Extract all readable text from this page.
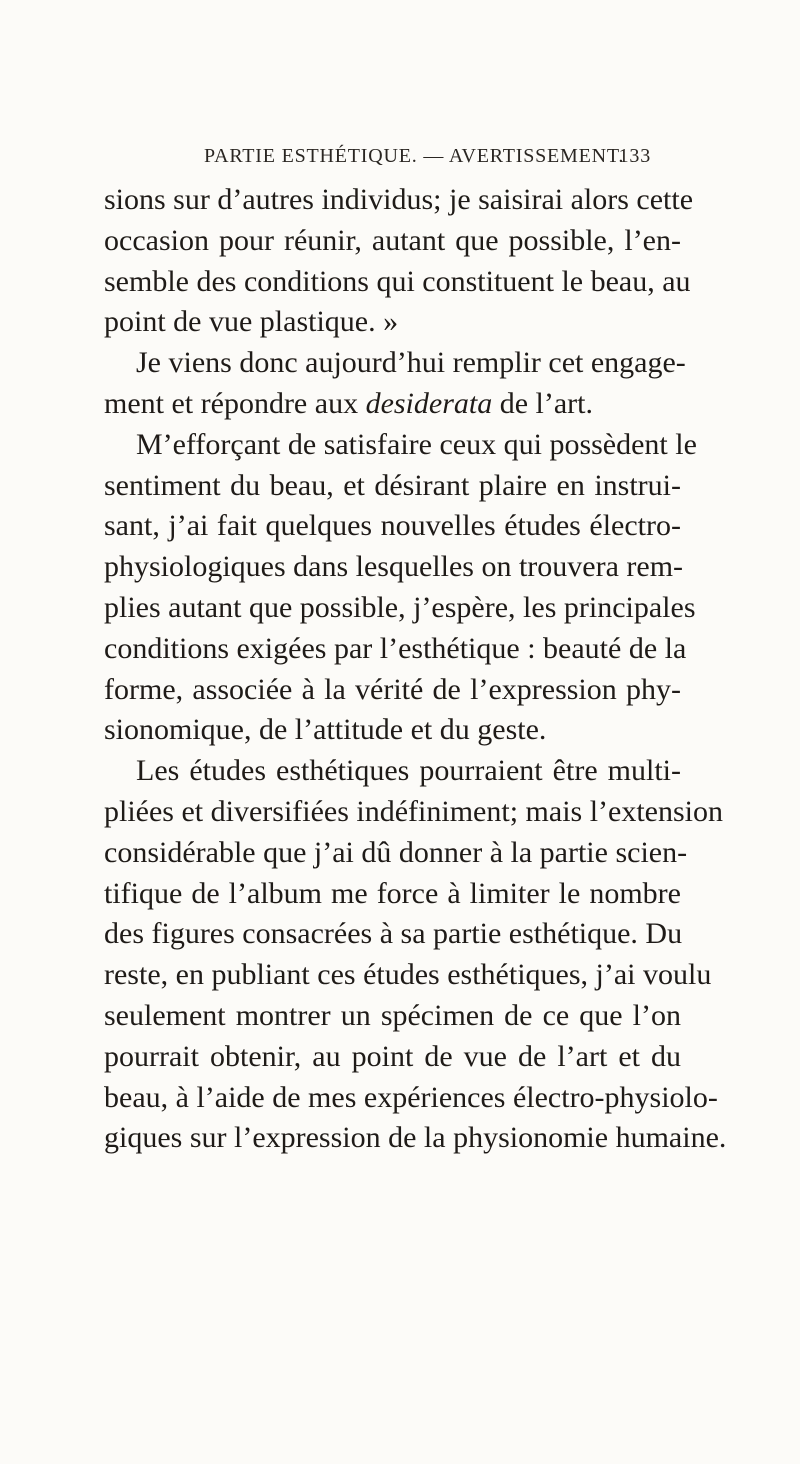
PARTIE ESTHÉTIQUE. — AVERTISSEMENT.
133
sions sur d’autres individus; je saisirai alors cette
occasion pour réunir, autant que possible, l’en-
semble des conditions qui constituent le beau, au
point de vue plastique. »
Je viens donc aujourd’hui remplir cet engage-
ment et répondre aux desiderata de l’art.
M’efforçant de satisfaire ceux qui possèdent le
sentiment du beau, et désirant plaire en instrui-
sant, j’ai fait quelques nouvelles études électro-
physiologiques dans lesquelles on trouvera rem-
plies autant que possible, j’espère, les principales
conditions exigées par l’esthétique : beauté de la
forme, associée à la vérité de l’expression phy-
sionomique, de l’attitude et du geste.
Les études esthétiques pourraient être multi-
pliées et diversifiées indéfiniment; mais l’extension
considérable que j’ai dû donner à la partie scien-
tifique de l’album me force à limiter le nombre
des figures consacrées à sa partie esthétique. Du
reste, en publiant ces études esthétiques, j’ai voulu
seulement montrer un spécimen de ce que l’on
pourrait obtenir, au point de vue de l’art et du
beau, à l’aide de mes expériences électro-physiolo-
giques sur l’expression de la physionomie humaine.
